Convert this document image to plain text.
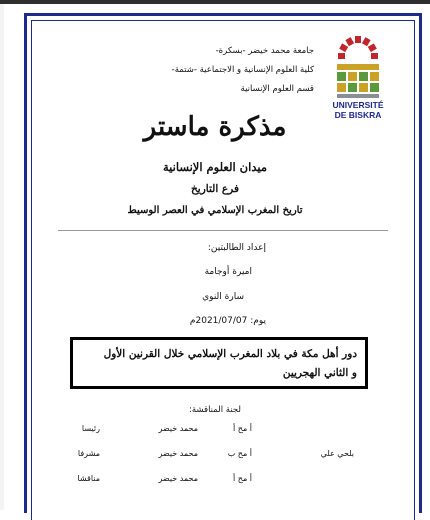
جامعة محمد خيضر -بسكرة-
كلية العلوم الإنسانية و الاجتماعية -شتمة-
قسم العلوم الإنسانية
UNIVERSITÉ
DE BISKRA
مذكرة ماستر
ميدان العلوم الإنسانية
فرع التاريخ
تاريخ المغرب الإسلامي في العصر الوسيط
إعداد الطالبتين:
اميرة أوجامة
سارة النوي
يوم: 2021/07/07م
دور أهل مكة في بلاد المغرب الإسلامي خلال القرنين الأول
و الثاني الهجريين
لجنة المناقشة:
أ مح أ
محمد خيضر
رئيسا
بلحي علي
أ مح ب
محمد خيضر
مشرفا
أ مح أ
محمد خيضر
مناقشا
